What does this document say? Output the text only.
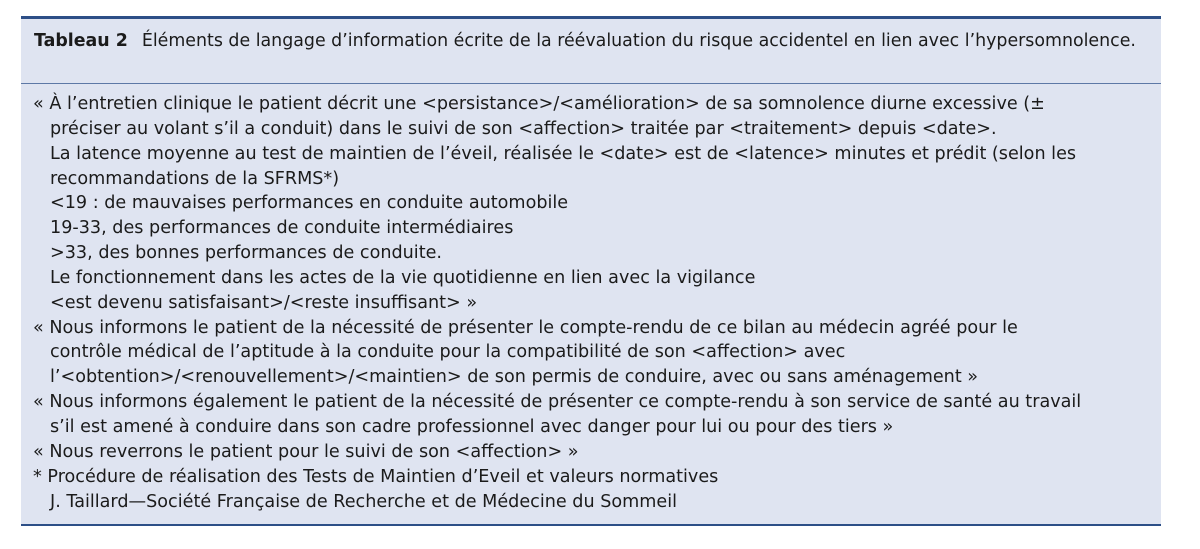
Tableau 2 Éléments de langage d’information écrite de la réévaluation du risque accidentel en lien avec l’hypersomnolence.
« À l’entretien clinique le patient décrit une <persistance>/<amélioration> de sa somnolence diurne excessive (±
préciser au volant s’il a conduit) dans le suivi de son <affection> traitée par <traitement> depuis <date>.
La latence moyenne au test de maintien de l’éveil, réalisée le <date> est de <latence> minutes et prédit (selon les
recommandations de la SFRMS*)
<19 : de mauvaises performances en conduite automobile
19-33, des performances de conduite intermédiaires
>33, des bonnes performances de conduite.
Le fonctionnement dans les actes de la vie quotidienne en lien avec la vigilance
<est devenu satisfaisant>/<reste insuffisant> »
« Nous informons le patient de la nécessité de présenter le compte-rendu de ce bilan au médecin agréé pour le
contrôle médical de l’aptitude à la conduite pour la compatibilité de son <affection> avec
l’<obtention>/<renouvellement>/<maintien> de son permis de conduire, avec ou sans aménagement »
« Nous informons également le patient de la nécessité de présenter ce compte-rendu à son service de santé au travail
s’il est amené à conduire dans son cadre professionnel avec danger pour lui ou pour des tiers »
« Nous reverrons le patient pour le suivi de son <affection> »
* Procédure de réalisation des Tests de Maintien d’Eveil et valeurs normatives
J. Taillard—Société Française de Recherche et de Médecine du Sommeil
